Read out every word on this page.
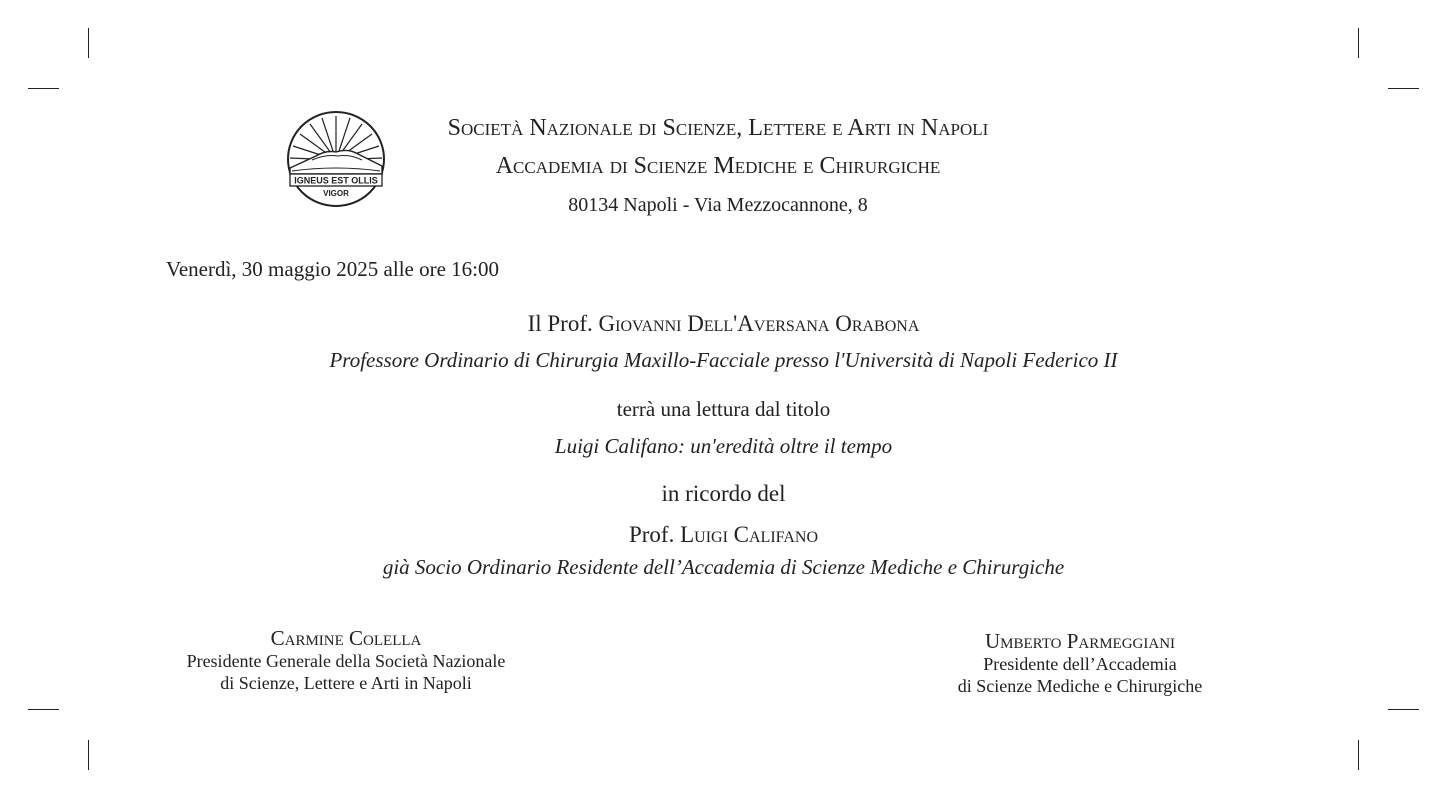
IGNEUS EST OLLIS
VIGOR
Società Nazionale di Scienze, Lettere e Arti in Napoli
Accademia di Scienze Mediche e Chirurgiche
80134 Napoli - Via Mezzocannone, 8
Venerdì, 30 maggio 2025 alle ore 16:00
Il Prof. Giovanni Dell'Aversana Orabona
Professore Ordinario di Chirurgia Maxillo-Facciale presso l'Università di Napoli Federico II
terrà una lettura dal titolo
Luigi Califano: un'eredità oltre il tempo
in ricordo del
Prof. Luigi Califano
già Socio Ordinario Residente dell’Accademia di Scienze Mediche e Chirurgiche
Carmine Colella
Presidente Generale della Società Nazionale
di Scienze, Lettere e Arti in Napoli
Umberto Parmeggiani
Presidente dell’Accademia
di Scienze Mediche e Chirurgiche
